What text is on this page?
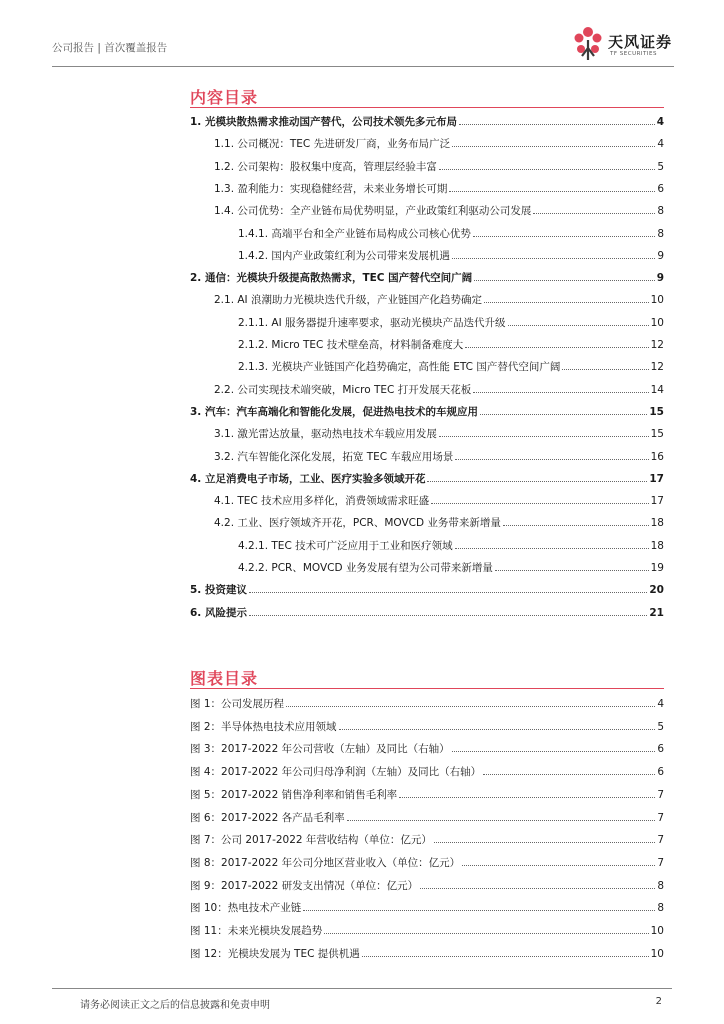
公司报告 | 首次覆盖报告	天风证券
TF SECURITIES
内容目录
1. 光模块散热需求推动国产替代，公司技术领先多元布局	4
1.1. 公司概况：TEC 先进研发厂商，业务布局广泛	4
1.2. 公司架构：股权集中度高，管理层经验丰富	5
1.3. 盈利能力：实现稳健经营，未来业务增长可期	6
1.4. 公司优势：全产业链布局优势明显，产业政策红利驱动公司发展	8
1.4.1. 高端平台和全产业链布局构成公司核心优势	8
1.4.2. 国内产业政策红利为公司带来发展机遇	9
2. 通信：光模块升级提高散热需求，TEC 国产替代空间广阔	9
2.1. AI 浪潮助力光模块迭代升级，产业链国产化趋势确定	10
2.1.1. AI 服务器提升速率要求，驱动光模块产品迭代升级	10
2.1.2. Micro TEC 技术壁垒高，材料制备难度大	12
2.1.3. 光模块产业链国产化趋势确定，高性能 ETC 国产替代空间广阔	12
2.2. 公司实现技术端突破，Micro TEC 打开发展天花板	14
3. 汽车：汽车高端化和智能化发展，促进热电技术的车规应用	15
3.1. 激光雷达放量，驱动热电技术车载应用发展	15
3.2. 汽车智能化深化发展，拓宽 TEC 车载应用场景	16
4. 立足消费电子市场，工业、医疗实验多领域开花	17
4.1. TEC 技术应用多样化，消费领域需求旺盛	17
4.2. 工业、医疗领域齐开花，PCR、MOVCD 业务带来新增量	18
4.2.1. TEC 技术可广泛应用于工业和医疗领域	18
4.2.2. PCR、MOVCD 业务发展有望为公司带来新增量	19
5. 投资建议	20
6. 风险提示	21
图表目录
图 1：公司发展历程	4
图 2：半导体热电技术应用领域	5
图 3：2017-2022 年公司营收（左轴）及同比（右轴）	6
图 4：2017-2022 年公司归母净利润（左轴）及同比（右轴）	6
图 5：2017-2022 销售净利率和销售毛利率	7
图 6：2017-2022 各产品毛利率	7
图 7：公司 2017-2022 年营收结构（单位：亿元）	7
图 8：2017-2022 年公司分地区营业收入（单位：亿元）	7
图 9：2017-2022 研发支出情况（单位：亿元）	8
图 10：热电技术产业链	8
图 11：未来光模块发展趋势	10
图 12：光模块发展为 TEC 提供机遇	10
请务必阅读正文之后的信息披露和免责申明	2
